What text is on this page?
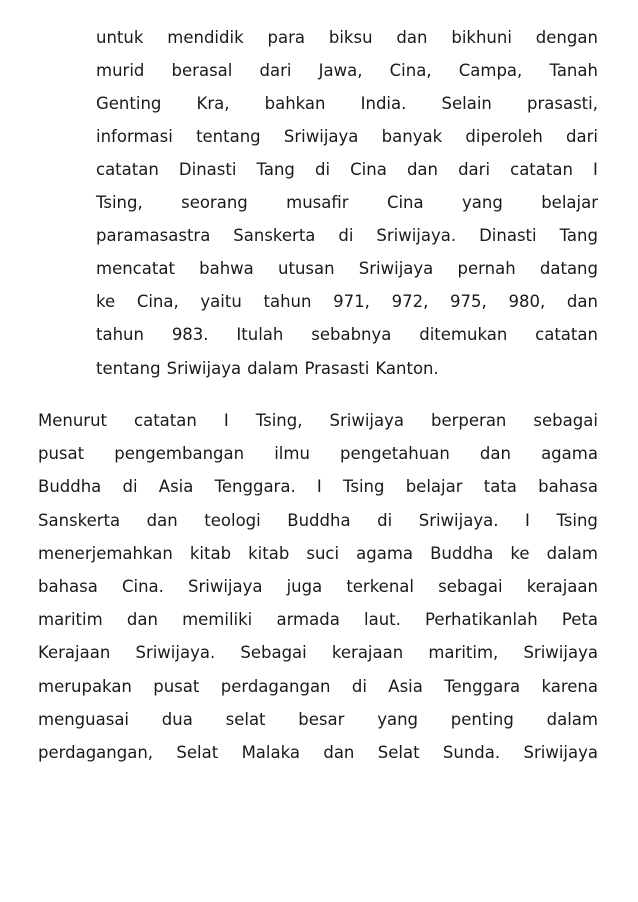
untuk mendidik para biksu dan bikhuni dengan
murid berasal dari Jawa, Cina, Campa, Tanah
Genting Kra, bahkan India. Selain prasasti,
informasi tentang Sriwijaya banyak diperoleh dari
catatan Dinasti Tang di Cina dan dari catatan I
Tsing, seorang musafir Cina yang belajar
paramasastra Sanskerta di Sriwijaya. Dinasti Tang
mencatat bahwa utusan Sriwijaya pernah datang
ke Cina, yaitu tahun 971, 972, 975, 980, dan
tahun 983. Itulah sebabnya ditemukan catatan
tentang Sriwijaya dalam Prasasti Kanton.
Menurut catatan I Tsing, Sriwijaya berperan sebagai
pusat pengembangan ilmu pengetahuan dan agama
Buddha di Asia Tenggara. I Tsing belajar tata bahasa
Sanskerta dan teologi Buddha di Sriwijaya. I Tsing
menerjemahkan kitab kitab suci agama Buddha ke dalam
bahasa Cina. Sriwijaya juga terkenal sebagai kerajaan
maritim dan memiliki armada laut. Perhatikanlah Peta
Kerajaan Sriwijaya. Sebagai kerajaan maritim, Sriwijaya
merupakan pusat perdagangan di Asia Tenggara karena
menguasai dua selat besar yang penting dalam
perdagangan, Selat Malaka dan Selat Sunda. Sriwijaya
